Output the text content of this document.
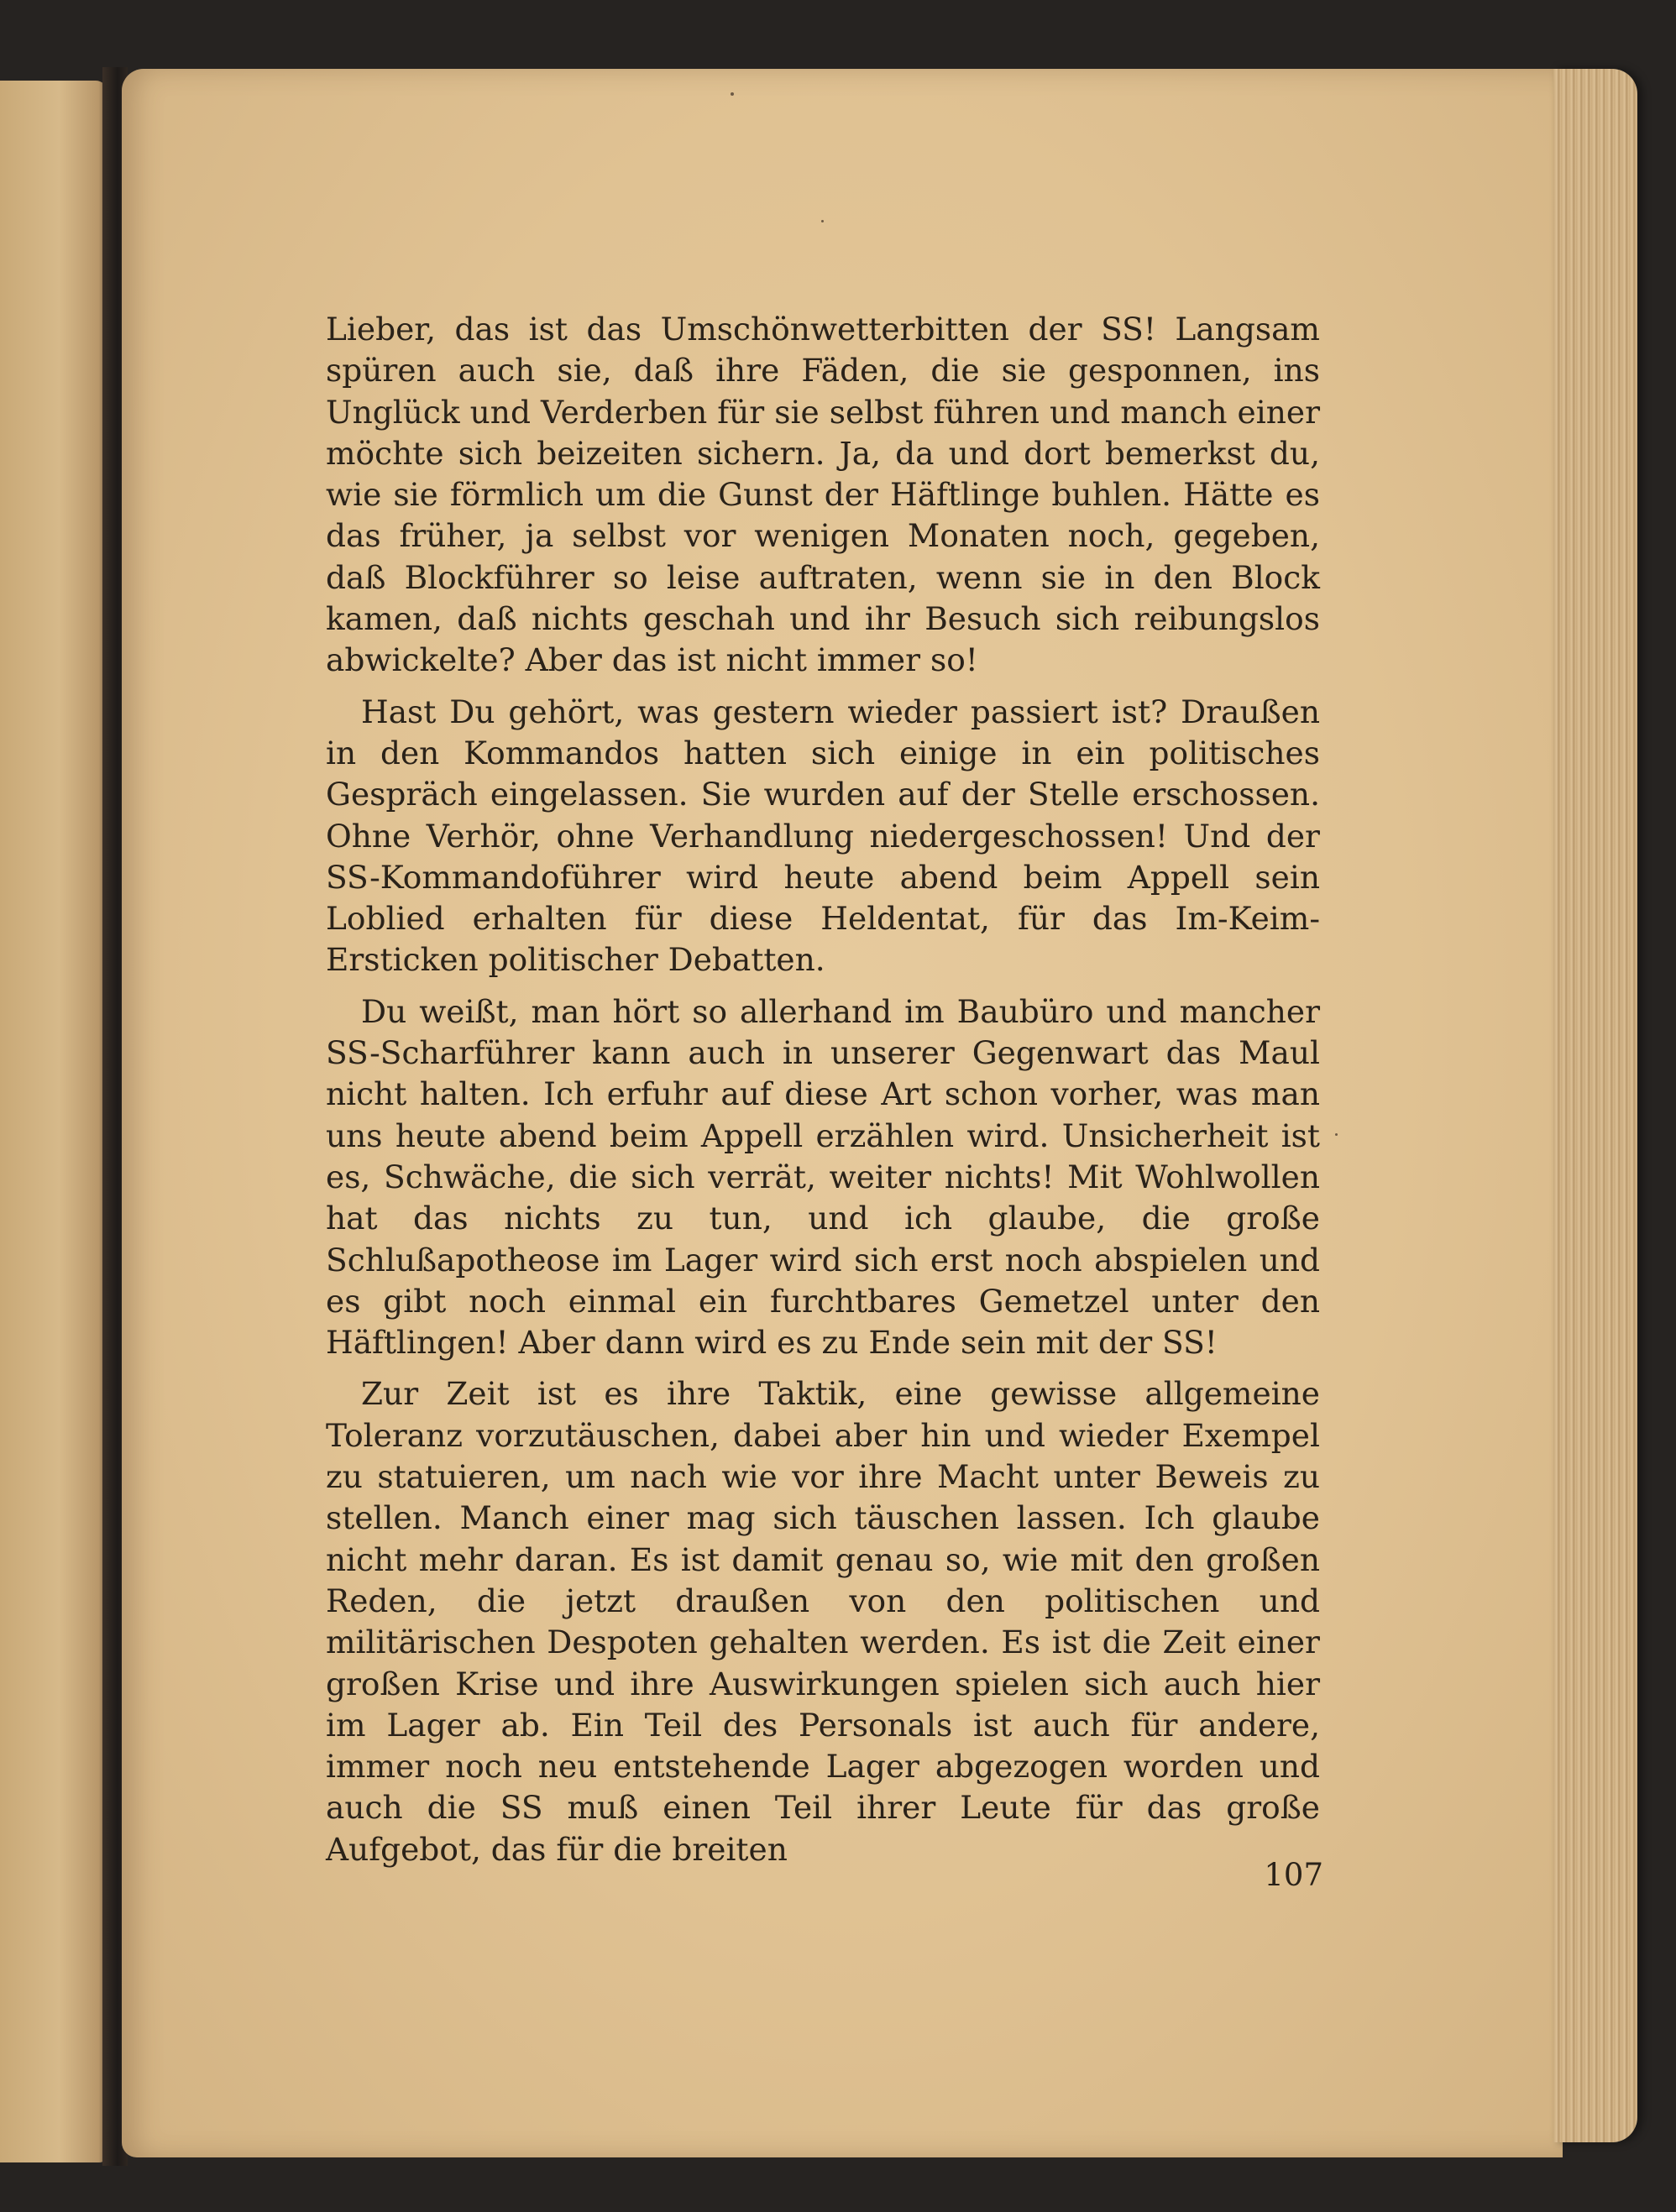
Lieber, das ist das Umschönwetterbitten der SS! Langsam spüren auch sie, daß ihre Fäden, die sie gesponnen, ins Unglück und Verderben für sie selbst führen und manch einer möchte sich beizeiten sichern. Ja, da und dort bemerkst du, wie sie förmlich um die Gunst der Häftlinge buhlen. Hätte es das früher, ja selbst vor wenigen Monaten noch, gegeben, daß Blockführer so leise auftraten, wenn sie in den Block kamen, daß nichts geschah und ihr Besuch sich reibungslos abwickelte? Aber das ist nicht immer so!

Hast Du gehört, was gestern wieder passiert ist? Draußen in den Kommandos hatten sich einige in ein politisches Gespräch eingelassen. Sie wurden auf der Stelle erschossen. Ohne Verhör, ohne Verhandlung niedergeschossen! Und der SS-Kommandoführer wird heute abend beim Appell sein Loblied erhalten für diese Heldentat, für das Im-Keim-Ersticken politischer Debatten.

Du weißt, man hört so allerhand im Baubüro und mancher SS-Scharführer kann auch in unserer Gegenwart das Maul nicht halten. Ich erfuhr auf diese Art schon vorher, was man uns heute abend beim Appell erzählen wird. Unsicherheit ist es, Schwäche, die sich verrät, weiter nichts! Mit Wohlwollen hat das nichts zu tun, und ich glaube, die große Schlußapotheose im Lager wird sich erst noch abspielen und es gibt noch einmal ein furchtbares Gemetzel unter den Häftlingen! Aber dann wird es zu Ende sein mit der SS!

Zur Zeit ist es ihre Taktik, eine gewisse allgemeine Toleranz vorzutäuschen, dabei aber hin und wieder Exempel zu statuieren, um nach wie vor ihre Macht unter Beweis zu stellen. Manch einer mag sich täuschen lassen. Ich glaube nicht mehr daran. Es ist damit genau so, wie mit den großen Reden, die jetzt draußen von den politischen und militärischen Despoten gehalten werden. Es ist die Zeit einer großen Krise und ihre Auswirkungen spielen sich auch hier im Lager ab. Ein Teil des Personals ist auch für andere, immer noch neu entstehende Lager abgezogen worden und auch die SS muß einen Teil ihrer Leute für das große Aufgebot, das für die breiten

107
